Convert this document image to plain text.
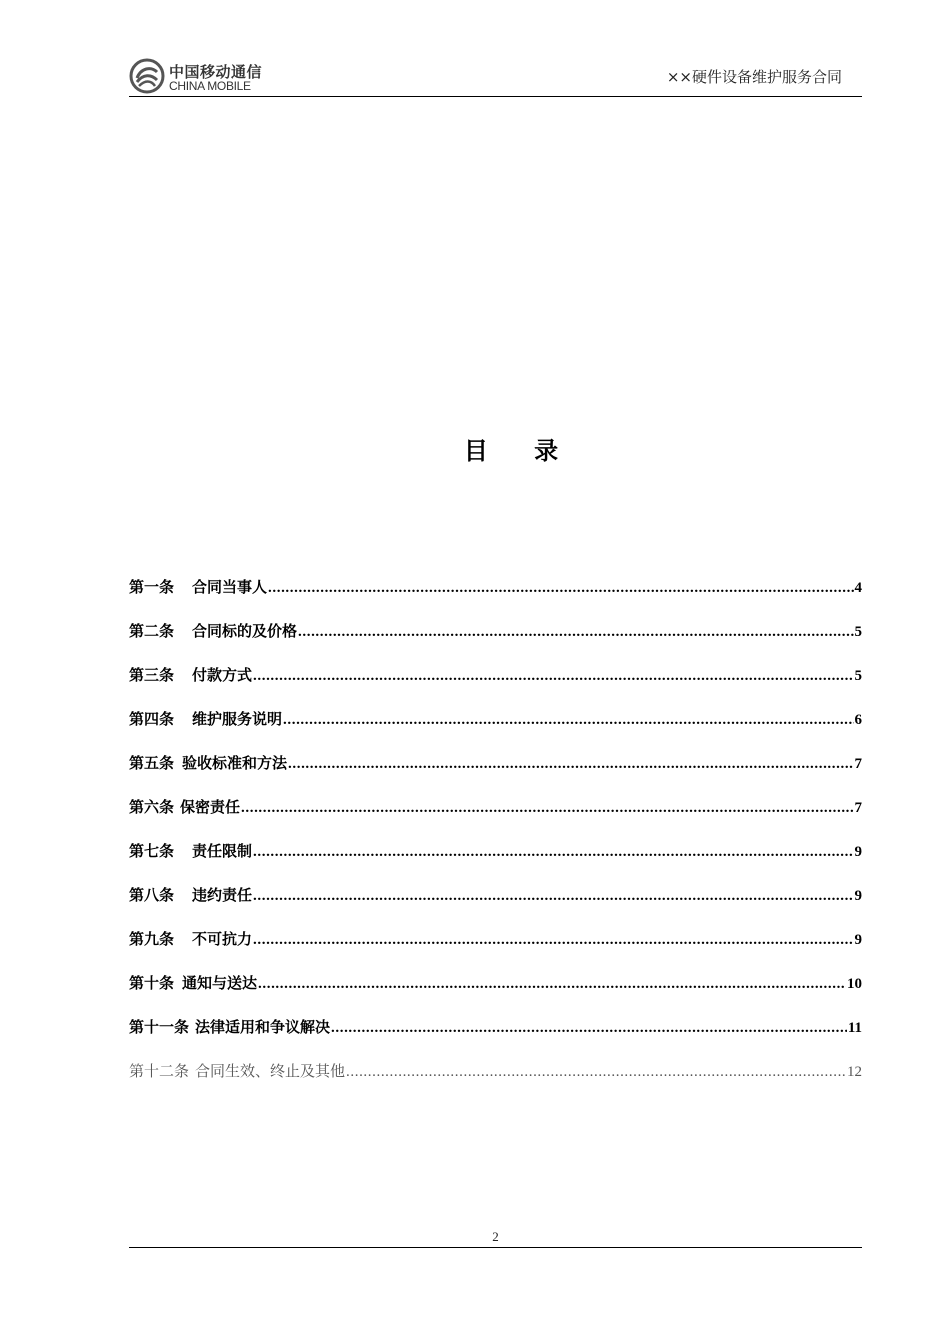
中国移动通信
CHINA MOBILE	××硬件设备维护服务合同
目 录
第一条 合同当事人 .....	4
第二条 合同标的及价格 .....	5
第三条 付款方式 .....	5
第四条 维护服务说明 .....	6
第五条 验收标准和方法 .....	7
第六条 保密责任 .....	7
第七条 责任限制 .....	9
第八条 违约责任 .....	9
第九条 不可抗力 .....	9
第十条 通知与送达 .....	10
第十一条 法律适用和争议解决 .....	11
第十二条 合同生效、终止及其他 .....	12
2
